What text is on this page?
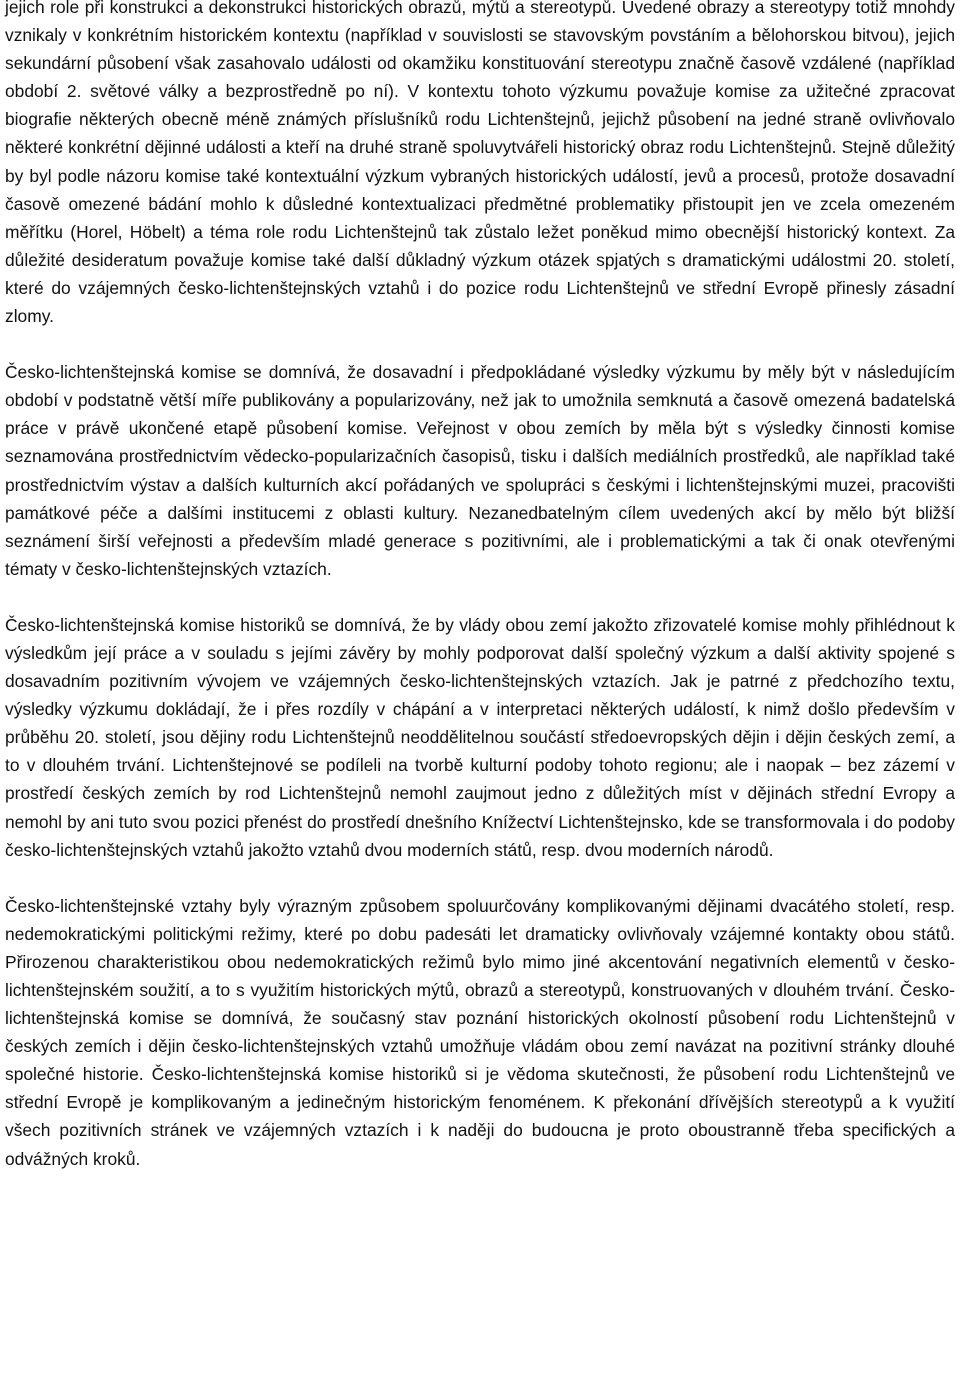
jejich role při konstrukci a dekonstrukci historických obrazů, mýtů a stereotypů. Uvedené obrazy a stereotypy totiž mnohdy vznikaly v konkrétním historickém kontextu (například v souvislosti se stavovským povstáním a bělohorskou bitvou), jejich sekundární působení však zasahovalo události od okamžiku konstituování stereotypu značně časově vzdálené (například období 2. světové války a bezprostředně po ní). V kontextu tohoto výzkumu považuje komise za užitečné zpracovat biografie některých obecně méně známých příslušníků rodu Lichtenštejnů, jejichž působení na jedné straně ovlivňovalo některé konkrétní dějinné události a kteří na druhé straně spoluvytvářeli historický obraz rodu Lichtenštejnů. Stejně důležitý by byl podle názoru komise také kontextuální výzkum vybraných historických událostí, jevů a procesů, protože dosavadní časově omezené bádání mohlo k důsledné kontextualizaci předmětné problematiky přistoupit jen ve zcela omezeném měřítku (Horel, Höbelt) a téma role rodu Lichtenštejnů tak zůstalo ležet poněkud mimo obecnější historický kontext. Za důležité desideratum považuje komise také další důkladný výzkum otázek spjatých s dramatickými událostmi 20. století, které do vzájemných česko-lichtenštejnských vztahů i do pozice rodu Lichtenštejnů ve střední Evropě přinesly zásadní zlomy.

Česko-lichtenštejnská komise se domnívá, že dosavadní i předpokládané výsledky výzkumu by měly být v následujícím období v podstatně větší míře publikovány a popularizovány, než jak to umožnila semknutá a časově omezená badatelská práce v právě ukončené etapě působení komise. Veřejnost v obou zemích by měla být s výsledky činnosti komise seznamována prostřednictvím vědecko-popularizačních časopisů, tisku i dalších mediálních prostředků, ale například také prostřednictvím výstav a dalších kulturních akcí pořádaných ve spolupráci s českými i lichtenštejnskými muzei, pracovišti památkové péče a dalšími institucemi z oblasti kultury. Nezanedbatelným cílem uvedených akcí by mělo být bližší seznámení širší veřejnosti a především mladé generace s pozitivními, ale i problematickými a tak či onak otevřenými tématy v česko-lichtenštejnských vztazích.

Česko-lichtenštejnská komise historiků se domnívá, že by vlády obou zemí jakožto zřizovatelé komise mohly přihlédnout k výsledkům její práce a v souladu s jejími závěry by mohly podporovat další společný výzkum a další aktivity spojené s dosavadním pozitivním vývojem ve vzájemných česko-lichtenštejnských vztazích. Jak je patrné z předchozího textu, výsledky výzkumu dokládají, že i přes rozdíly v chápání a v interpretaci některých událostí, k nimž došlo především v průběhu 20. století, jsou dějiny rodu Lichtenštejnů neoddělitelnou součástí středoevropských dějin i dějin českých zemí, a to v dlouhém trvání. Lichtenštejnové se podíleli na tvorbě kulturní podoby tohoto regionu; ale i naopak – bez zázemí v prostředí českých zemích by rod Lichtenštejnů nemohl zaujmout jedno z důležitých míst v dějinách střední Evropy a nemohl by ani tuto svou pozici přenést do prostředí dnešního Knížectví Lichtenštejnsko, kde se transformovala i do podoby česko-lichtenštejnských vztahů jakožto vztahů dvou moderních států, resp. dvou moderních národů.

Česko-lichtenštejnské vztahy byly výrazným způsobem spoluurčovány komplikovanými dějinami dvacátého století, resp. nedemokratickými politickými režimy, které po dobu padesáti let dramaticky ovlivňovaly vzájemné kontakty obou států. Přirozenou charakteristikou obou nedemokratických režimů bylo mimo jiné akcentování negativních elementů v česko-lichtenštejnském soužití, a to s využitím historických mýtů, obrazů a stereotypů, konstruovaných v dlouhém trvání. Česko-lichtenštejnská komise se domnívá, že současný stav poznání historických okolností působení rodu Lichtenštejnů v českých zemích i dějin česko-lichtenštejnských vztahů umožňuje vládám obou zemí navázat na pozitivní stránky dlouhé společné historie. Česko-lichtenštejnská komise historiků si je vědoma skutečnosti, že působení rodu Lichtenštejnů ve střední Evropě je komplikovaným a jedinečným historickým fenoménem. K překonání dřívějších stereotypů a k využití všech pozitivních stránek ve vzájemných vztazích i k naději do budoucna je proto oboustranně třeba specifických a odvážných kroků.
